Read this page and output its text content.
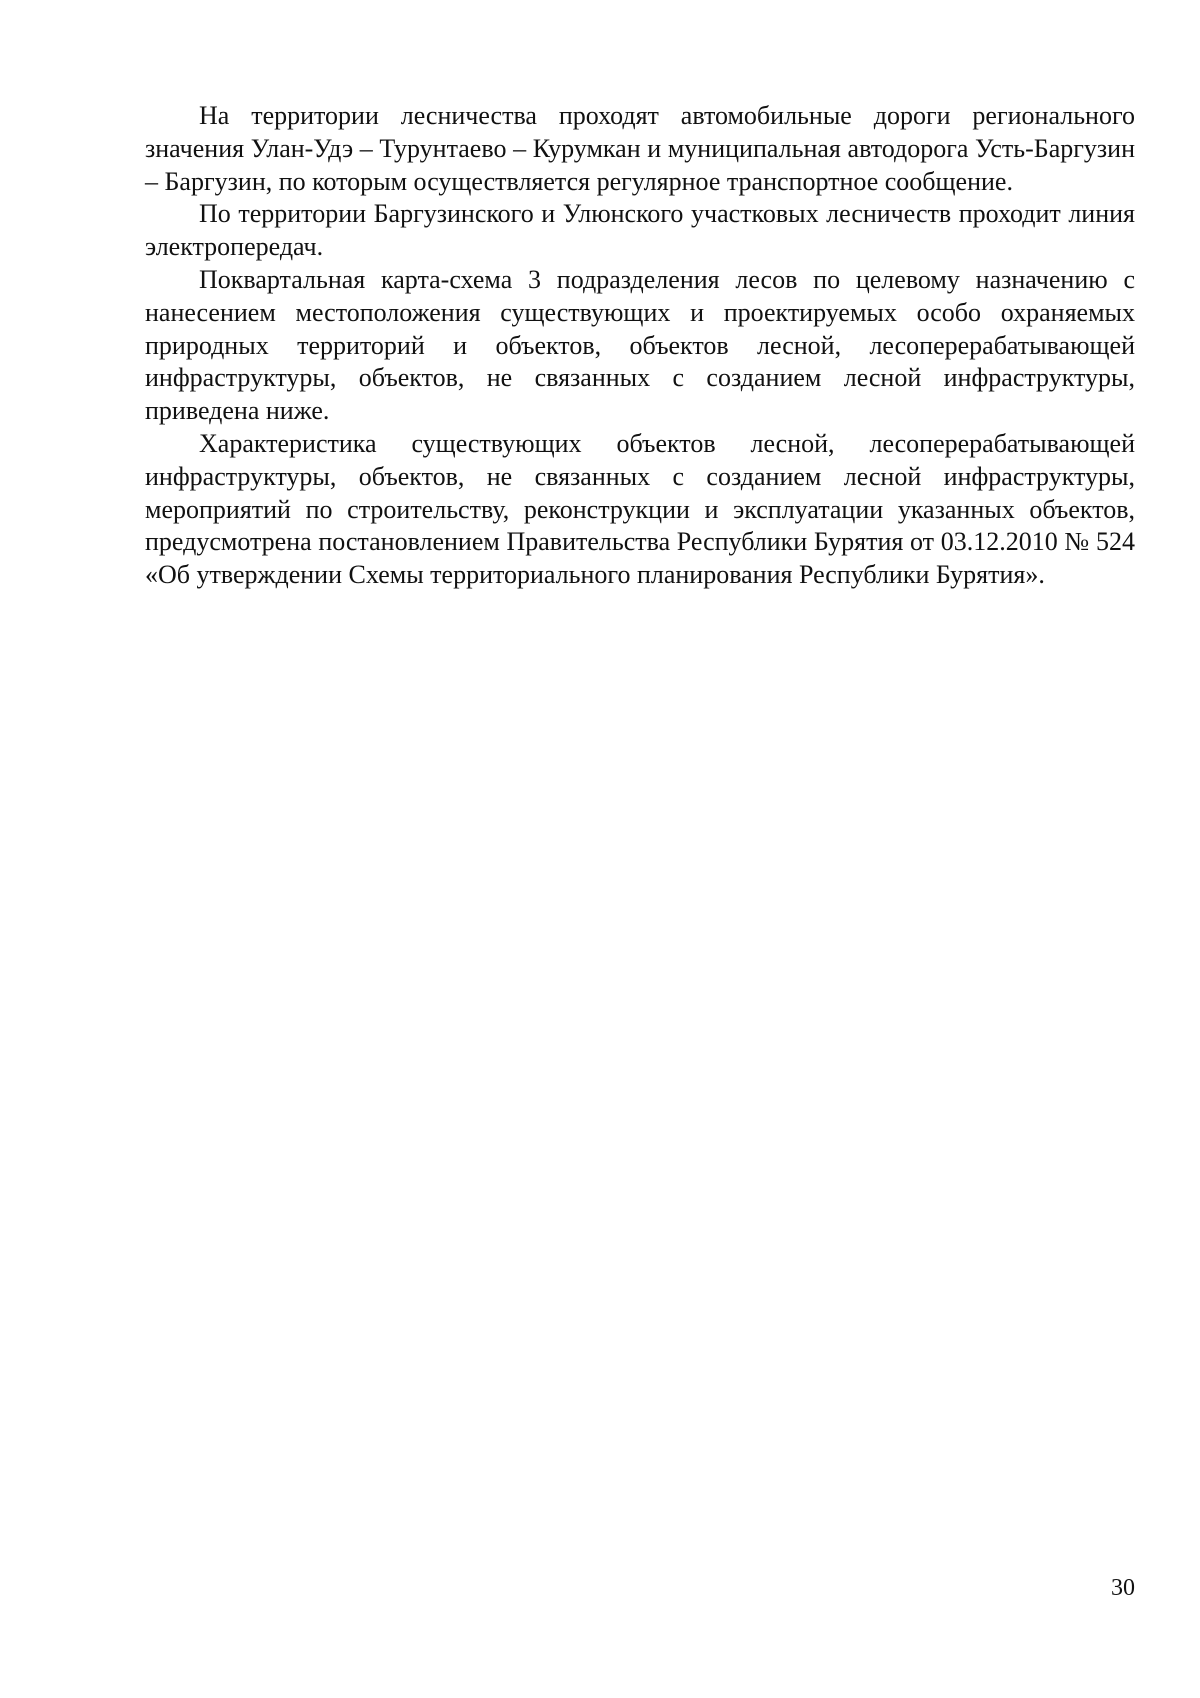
На территории лесничества проходят автомобильные дороги регионального значения Улан-Удэ – Турунтаево – Курумкан и муниципальная автодорога Усть-Баргузин – Баргузин, по которым осуществляется регулярное транспортное сообщение.

По территории Баргузинского и Улюнского участковых лесничеств проходит линия электропередач.

Поквартальная карта-схема 3 подразделения лесов по целевому назначению с нанесением местоположения существующих и проектируемых особо охраняемых природных территорий и объектов, объектов лесной, лесоперерабатывающей инфраструктуры, объектов, не связанных с созданием лесной инфраструктуры, приведена ниже.

Характеристика существующих объектов лесной, лесоперерабатывающей инфраструктуры, объектов, не связанных с созданием лесной инфраструктуры, мероприятий по строительству, реконструкции и эксплуатации указанных объектов, предусмотрена постановлением Правительства Республики Бурятия от 03.12.2010 № 524 «Об утверждении Схемы территориального планирования Республики Бурятия».

30
